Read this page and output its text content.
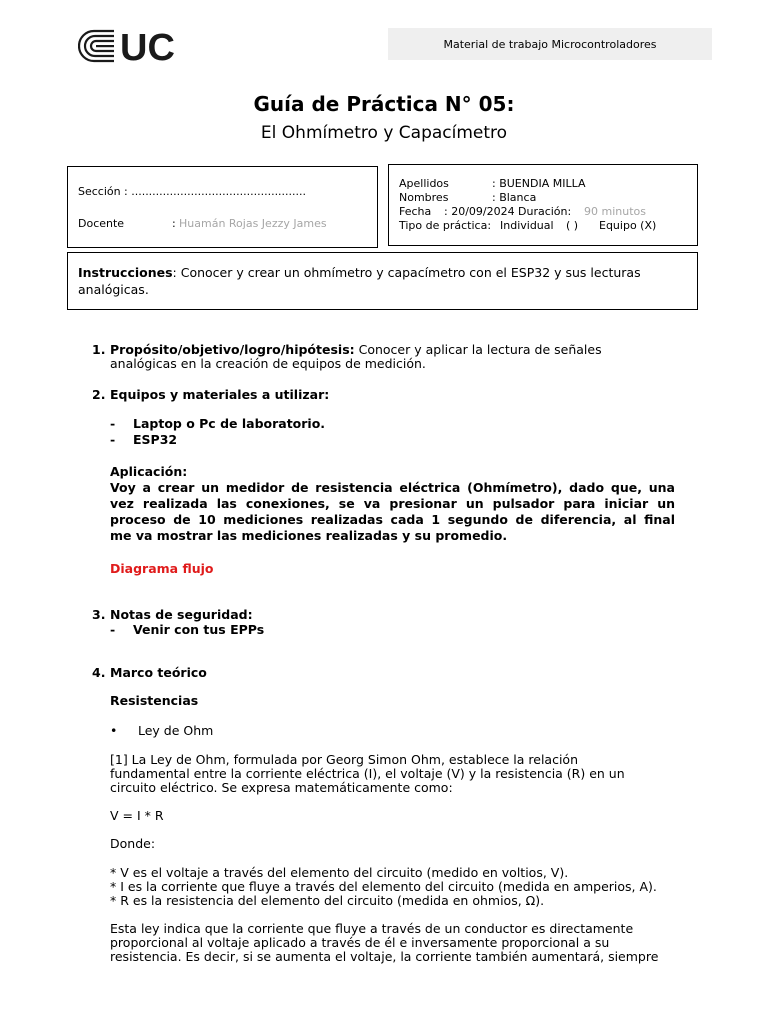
UC	Material de trabajo Microcontroladores
Guía de Práctica N° 05:
El Ohmímetro y Capacímetro
Sección : ..................................................
Docente	: Huamán Rojas Jezzy James
Apellidos	: BUENDIA MILLA
Nombres	: Blanca
Fecha : 20/09/2024 Duración: 90 minutos
Tipo de práctica: Individual ( ) Equipo (X)
Instrucciones: Conocer y crear un ohmímetro y capacímetro con el ESP32 y sus lecturas analógicas.
1. Propósito/objetivo/logro/hipótesis: Conocer y aplicar la lectura de señales
analógicas en la creación de equipos de medición.
2. Equipos y materiales a utilizar:
- Laptop o Pc de laboratorio.
- ESP32
Aplicación:
Voy a crear un medidor de resistencia eléctrica (Ohmímetro), dado que, una
vez realizada las conexiones, se va presionar un pulsador para iniciar un
proceso de 10 mediciones realizadas cada 1 segundo de diferencia, al final
me va mostrar las mediciones realizadas y su promedio.
Diagrama flujo
3. Notas de seguridad:
- Venir con tus EPPs
4. Marco teórico
Resistencias
• Ley de Ohm
[1] La Ley de Ohm, formulada por Georg Simon Ohm, establece la relación
fundamental entre la corriente eléctrica (I), el voltaje (V) y la resistencia (R) en un
circuito eléctrico. Se expresa matemáticamente como:
V = I * R
Donde:
* V es el voltaje a través del elemento del circuito (medido en voltios, V).
* I es la corriente que fluye a través del elemento del circuito (medida en amperios, A).
* R es la resistencia del elemento del circuito (medida en ohmios, Ω).
Esta ley indica que la corriente que fluye a través de un conductor es directamente
proporcional al voltaje aplicado a través de él e inversamente proporcional a su
resistencia. Es decir, si se aumenta el voltaje, la corriente también aumentará, siempre
